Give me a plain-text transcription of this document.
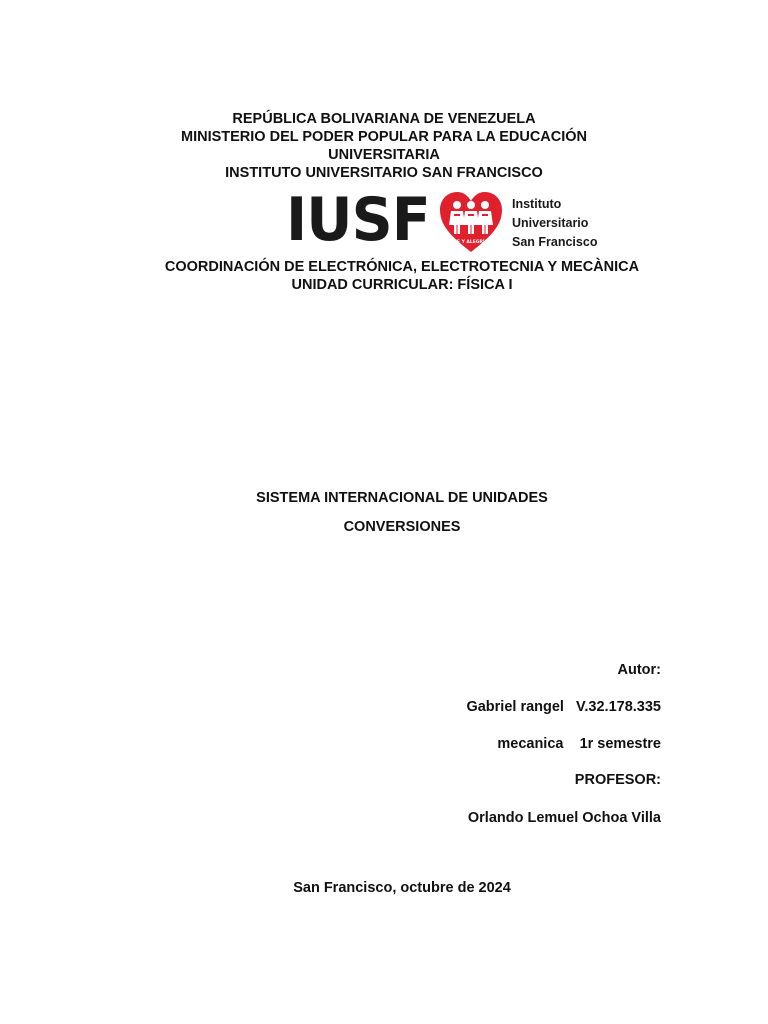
REPÚBLICA BOLIVARIANA DE VENEZUELA
MINISTERIO DEL PODER POPULAR PARA LA EDUCACIÓN
UNIVERSITARIA
INSTITUTO UNIVERSITARIO SAN FRANCISCO
IUSF	FE Y ALEGRÍA
Instituto
Universitario
San Francisco
COORDINACIÓN DE ELECTRÓNICA, ELECTROTECNIA Y MECÀNICA
UNIDAD CURRICULAR: FÍSICA I
SISTEMA INTERNACIONAL DE UNIDADES
CONVERSIONES
Autor:
Gabriel rangel   V.32.178.335
mecanica    1r semestre
PROFESOR:
Orlando Lemuel Ochoa Villa
San Francisco, octubre de 2024
